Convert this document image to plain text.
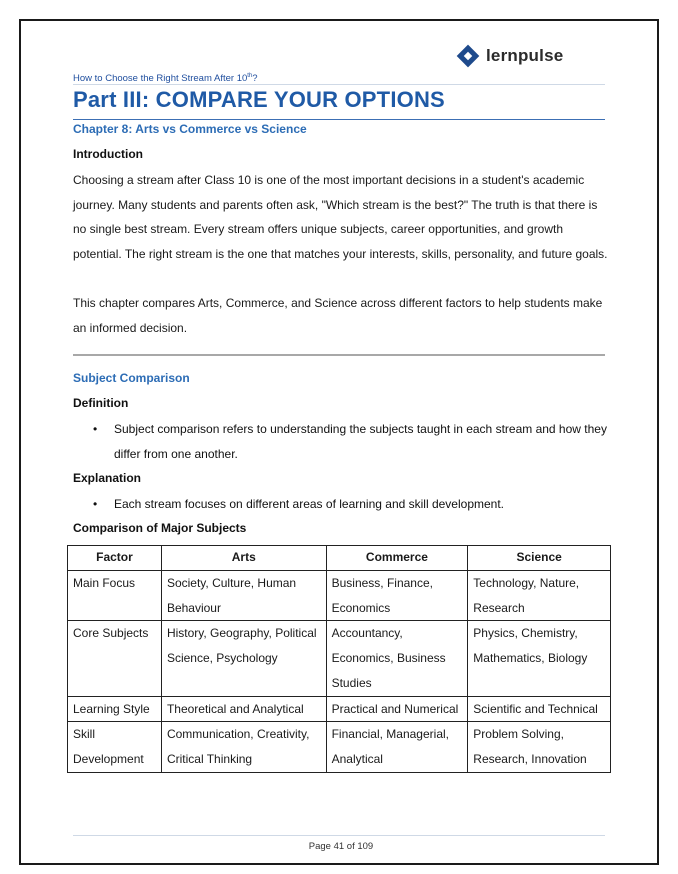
lernpulse
How to Choose the Right Stream After 10th?
Part III: COMPARE YOUR OPTIONS
Chapter 8: Arts vs Commerce vs Science
Introduction
Choosing a stream after Class 10 is one of the most important decisions in a student's academic journey. Many students and parents often ask, "Which stream is the best?" The truth is that there is no single best stream. Every stream offers unique subjects, career opportunities, and growth potential. The right stream is the one that matches your interests, skills, personality, and future goals.
This chapter compares Arts, Commerce, and Science across different factors to help students make an informed decision.
Subject Comparison
Definition
• Subject comparison refers to understanding the subjects taught in each stream and how they differ from one another.
Explanation
• Each stream focuses on different areas of learning and skill development.
Comparison of Major Subjects
Factor	Arts	Commerce	Science
Main Focus	Society, Culture, Human Behaviour	Business, Finance, Economics	Technology, Nature, Research
Core Subjects	History, Geography, Political Science, Psychology	Accountancy, Economics, Business Studies	Physics, Chemistry, Mathematics, Biology
Learning Style	Theoretical and Analytical	Practical and Numerical	Scientific and Technical
Skill Development	Communication, Creativity, Critical Thinking	Financial, Managerial, Analytical	Problem Solving, Research, Innovation
Page 41 of 109
